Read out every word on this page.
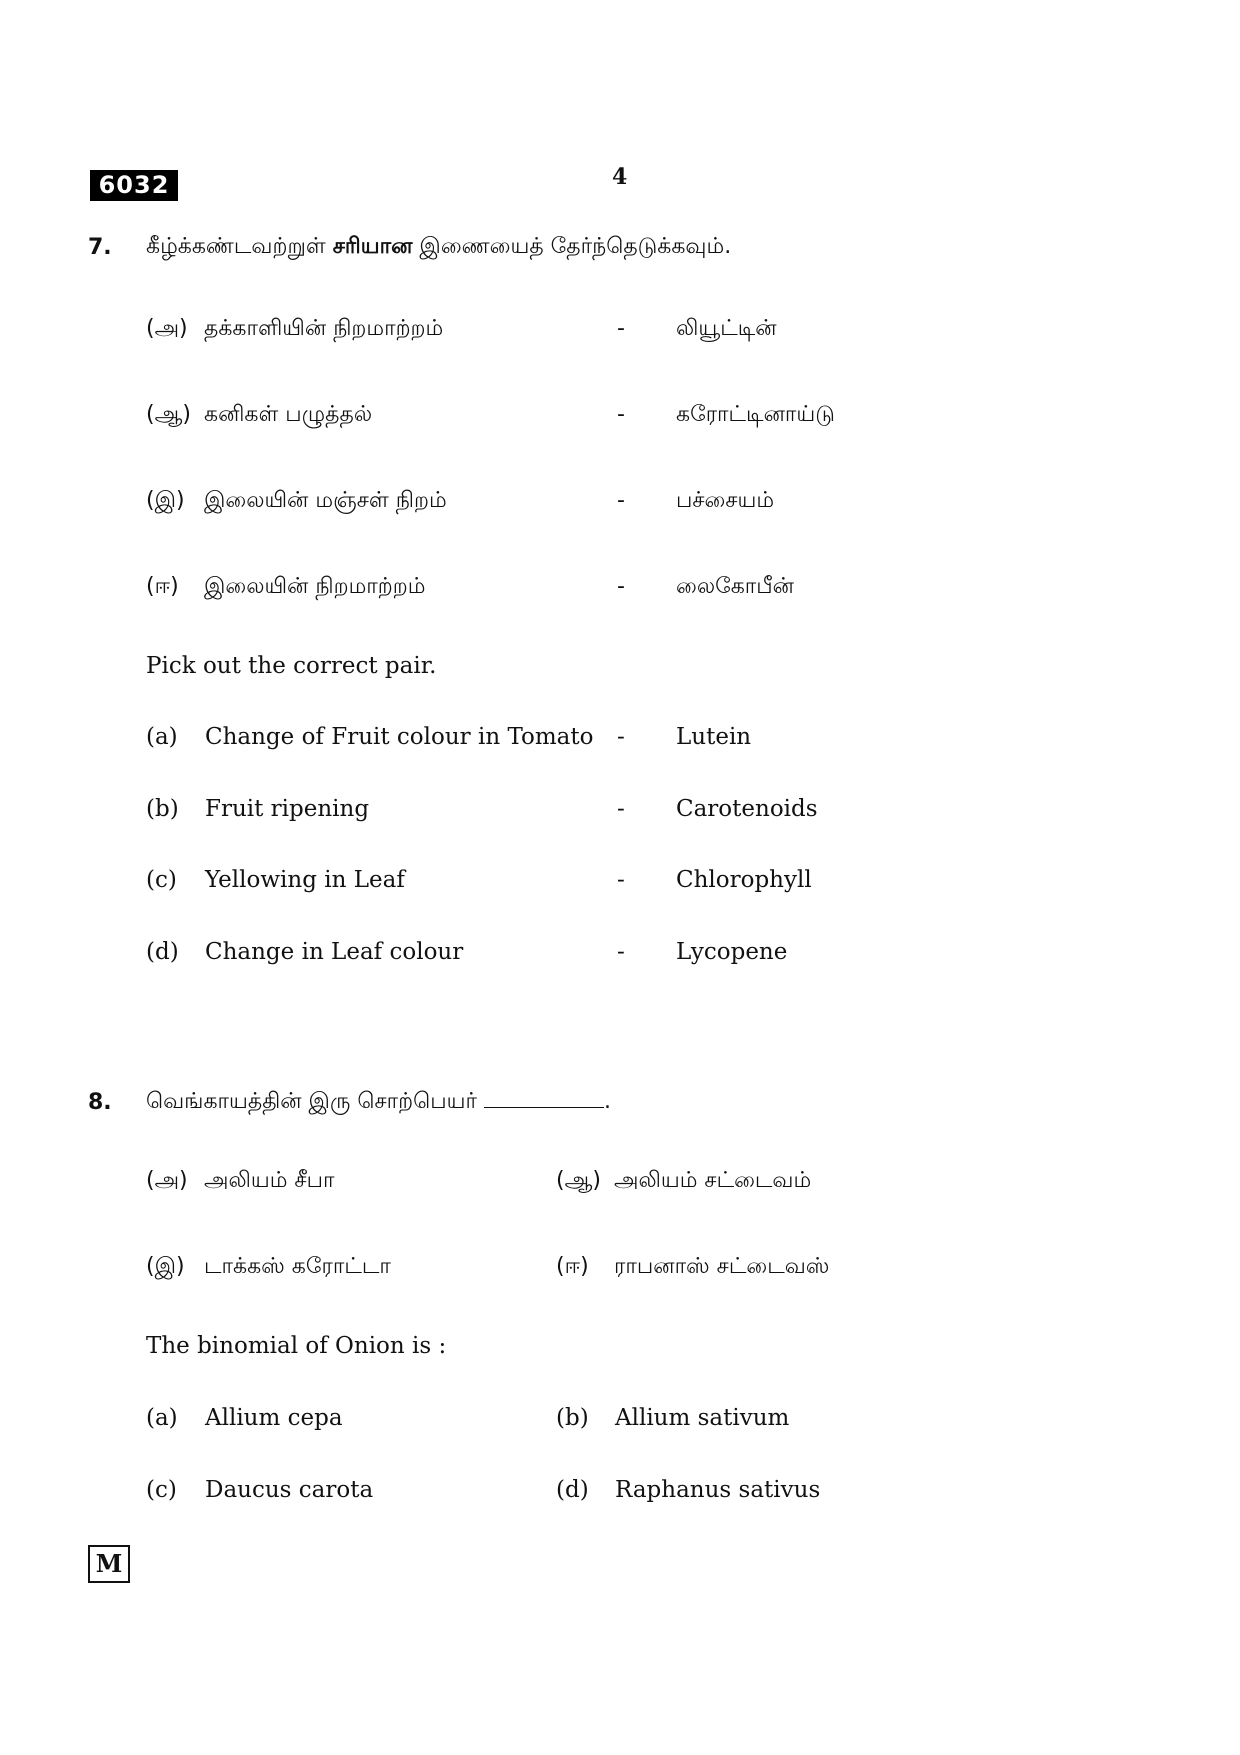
6032	4
7. கீழ்க்கண்டவற்றுள் சரியான இணையைத் தேர்ந்தெடுக்கவும்.
(அ) தக்காளியின் நிறமாற்றம்	- லியூட்டின்
(ஆ) கனிகள் பழுத்தல்	- கரோட்டினாய்டு
(இ) இலையின் மஞ்சள் நிறம்	- பச்சையம்
(ஈ) இலையின் நிறமாற்றம்	- லைகோபீன்
Pick out the correct pair.
(a) Change of Fruit colour in Tomato - Lutein
(b) Fruit ripening	- Carotenoids
(c) Yellowing in Leaf	- Chlorophyll
(d) Change in Leaf colour	- Lycopene
8. வெங்காயத்தின் இரு சொற்பெயர்	.
(அ) அலியம் சீபா	(ஆ) அலியம் சட்டைவம்
(இ) டாக்கஸ் கரோட்டா	(ஈ) ராபனாஸ் சட்டைவஸ்
The binomial of Onion is :
(a) Allium cepa	(b) Allium sativum
(c) Daucus carota	(d) Raphanus sativus
M
